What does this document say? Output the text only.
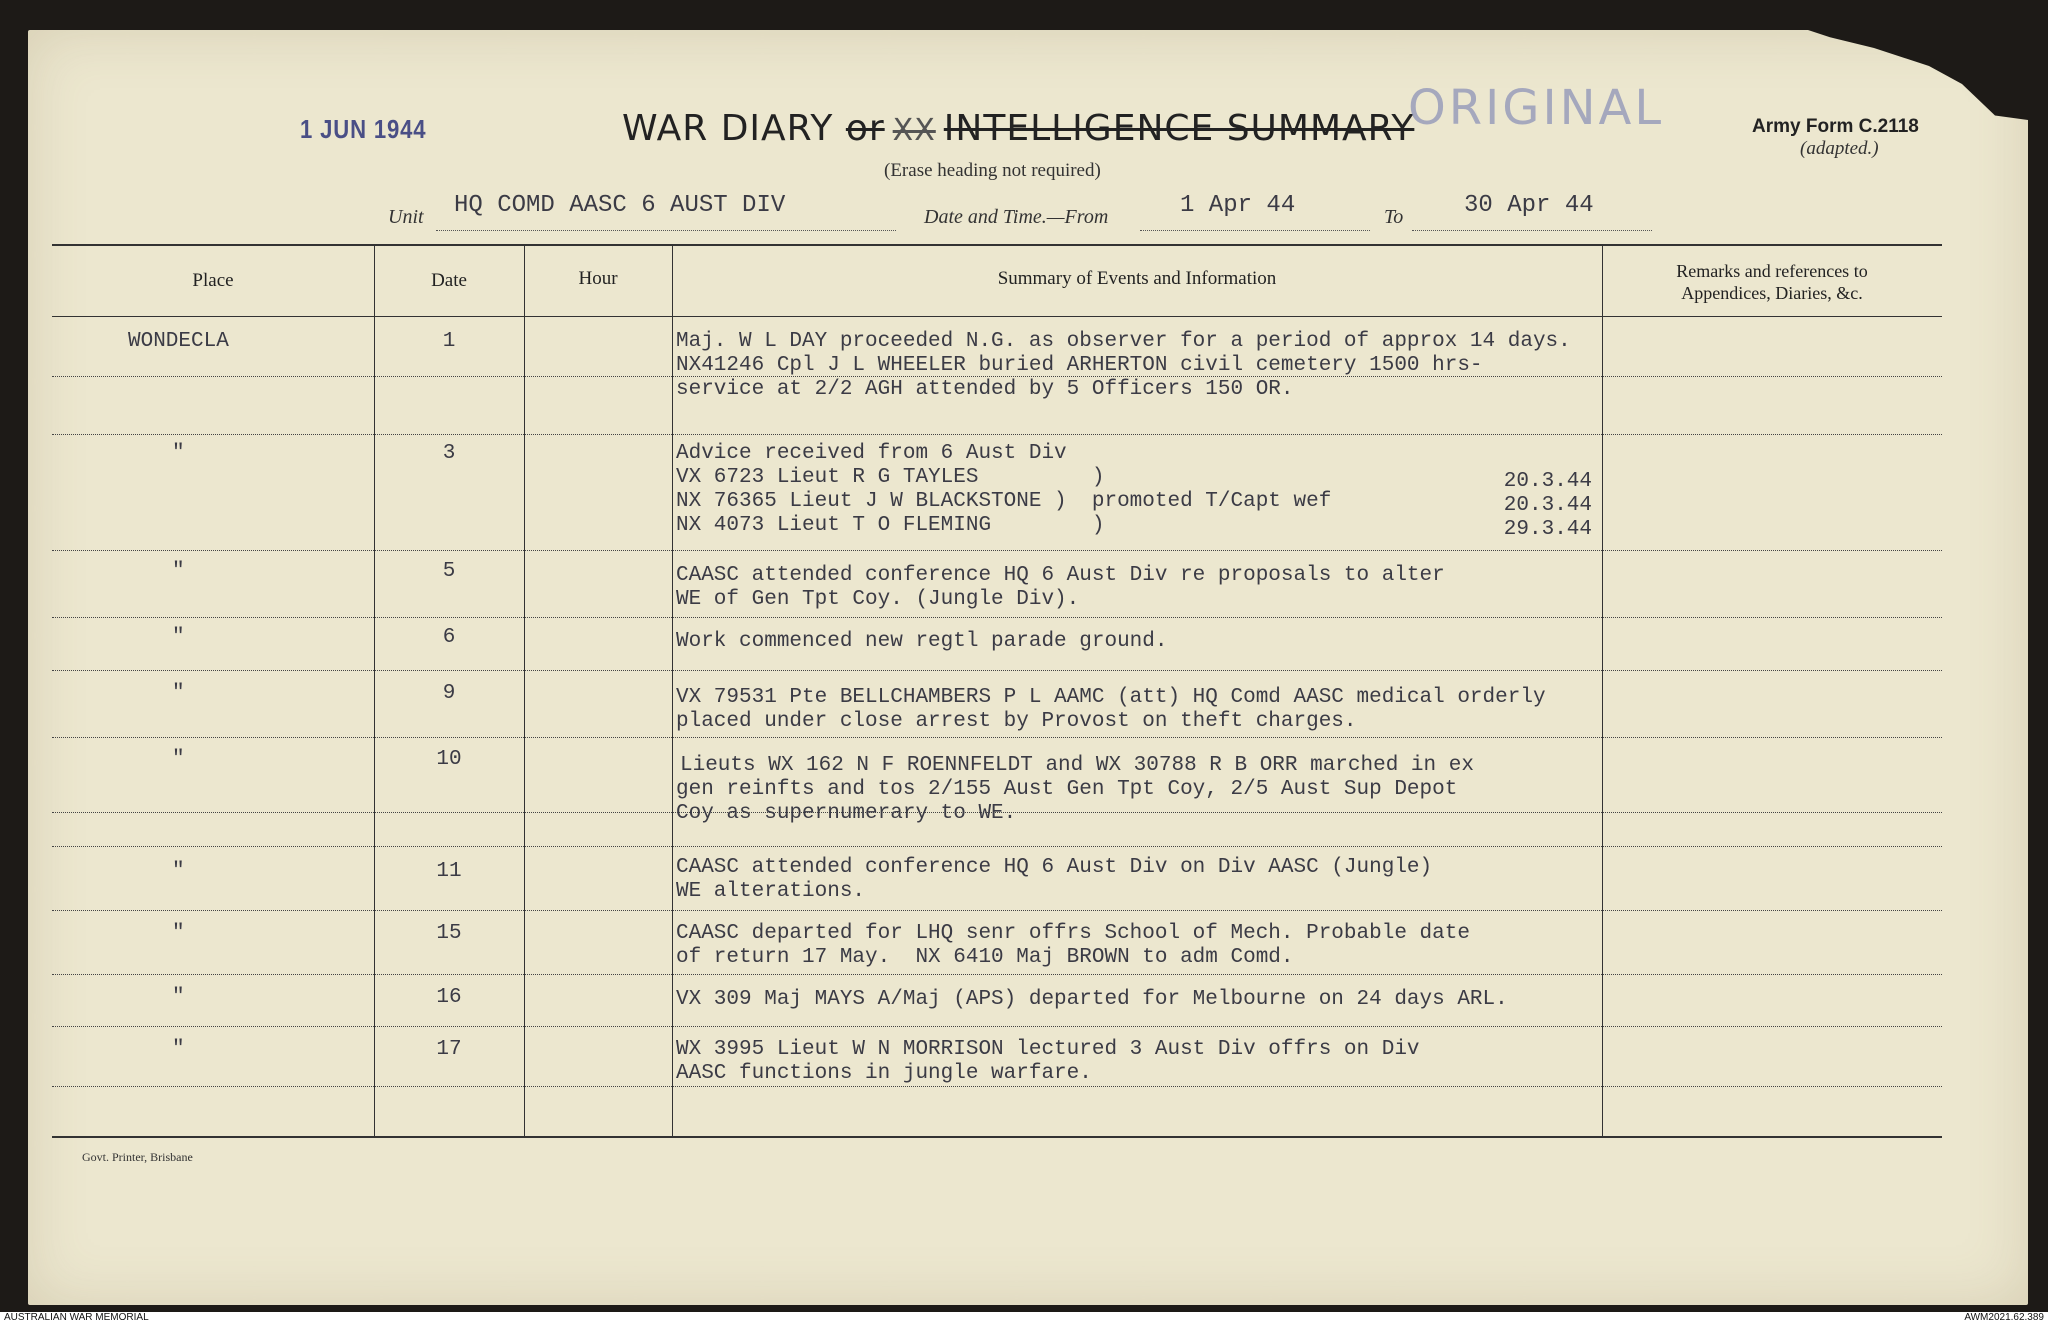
1 JUN 1944	WAR DIARY or XX INTELLIGENCE SUMMARY
ORIGINAL	Army Form C.2118
(adapted.)
(Erase heading not required)
Unit HQ COMD AASC 6 AUST DIV	Date and Time.—From	1 Apr 44	To	30 Apr 44
Place	Date	Hour	Summary of Events and Information	Remarks and references to
Appendices, Diaries, &c.
WONDECLA	1	Maj. W L DAY proceeded N.G. as observer for a period of approx 14 days.
NX41246 Cpl J L WHEELER buried ARHERTON civil cemetery 1500 hrs-
service at 2/2 AGH attended by 5 Officers 150 OR.
"	3	Advice received from 6 Aust Div
VX 6723 Lieut R G TAYLES         )
NX 76365 Lieut J W BLACKSTONE )  promoted T/Capt wef
NX 4073 Lieut T O FLEMING        )
20.3.44
20.3.44
29.3.44
"	5	CAASC attended conference HQ 6 Aust Div re proposals to alter
WE of Gen Tpt Coy. (Jungle Div).
"	6	Work commenced new regtl parade ground.
"	9	VX 79531 Pte BELLCHAMBERS P L AAMC (att) HQ Comd AASC medical orderly
placed under close arrest by Provost on theft charges.
"	10	Lieuts WX 162 N F ROENNFELDT and WX 30788 R B ORR marched in ex
gen reinfts and tos 2/155 Aust Gen Tpt Coy, 2/5 Aust Sup Depot
Coy as supernumerary to WE.
"	11	CAASC attended conference HQ 6 Aust Div on Div AASC (Jungle)
WE alterations.
"	15	CAASC departed for LHQ senr offrs School of Mech. Probable date
of return 17 May.  NX 6410 Maj BROWN to adm Comd.
"	16	VX 309 Maj MAYS A/Maj (APS) departed for Melbourne on 24 days ARL.
"	17	WX 3995 Lieut W N MORRISON lectured 3 Aust Div offrs on Div
AASC functions in jungle warfare.
Govt. Printer, Brisbane
AUSTRALIAN WAR MEMORIAL	AWM2021.62.389
